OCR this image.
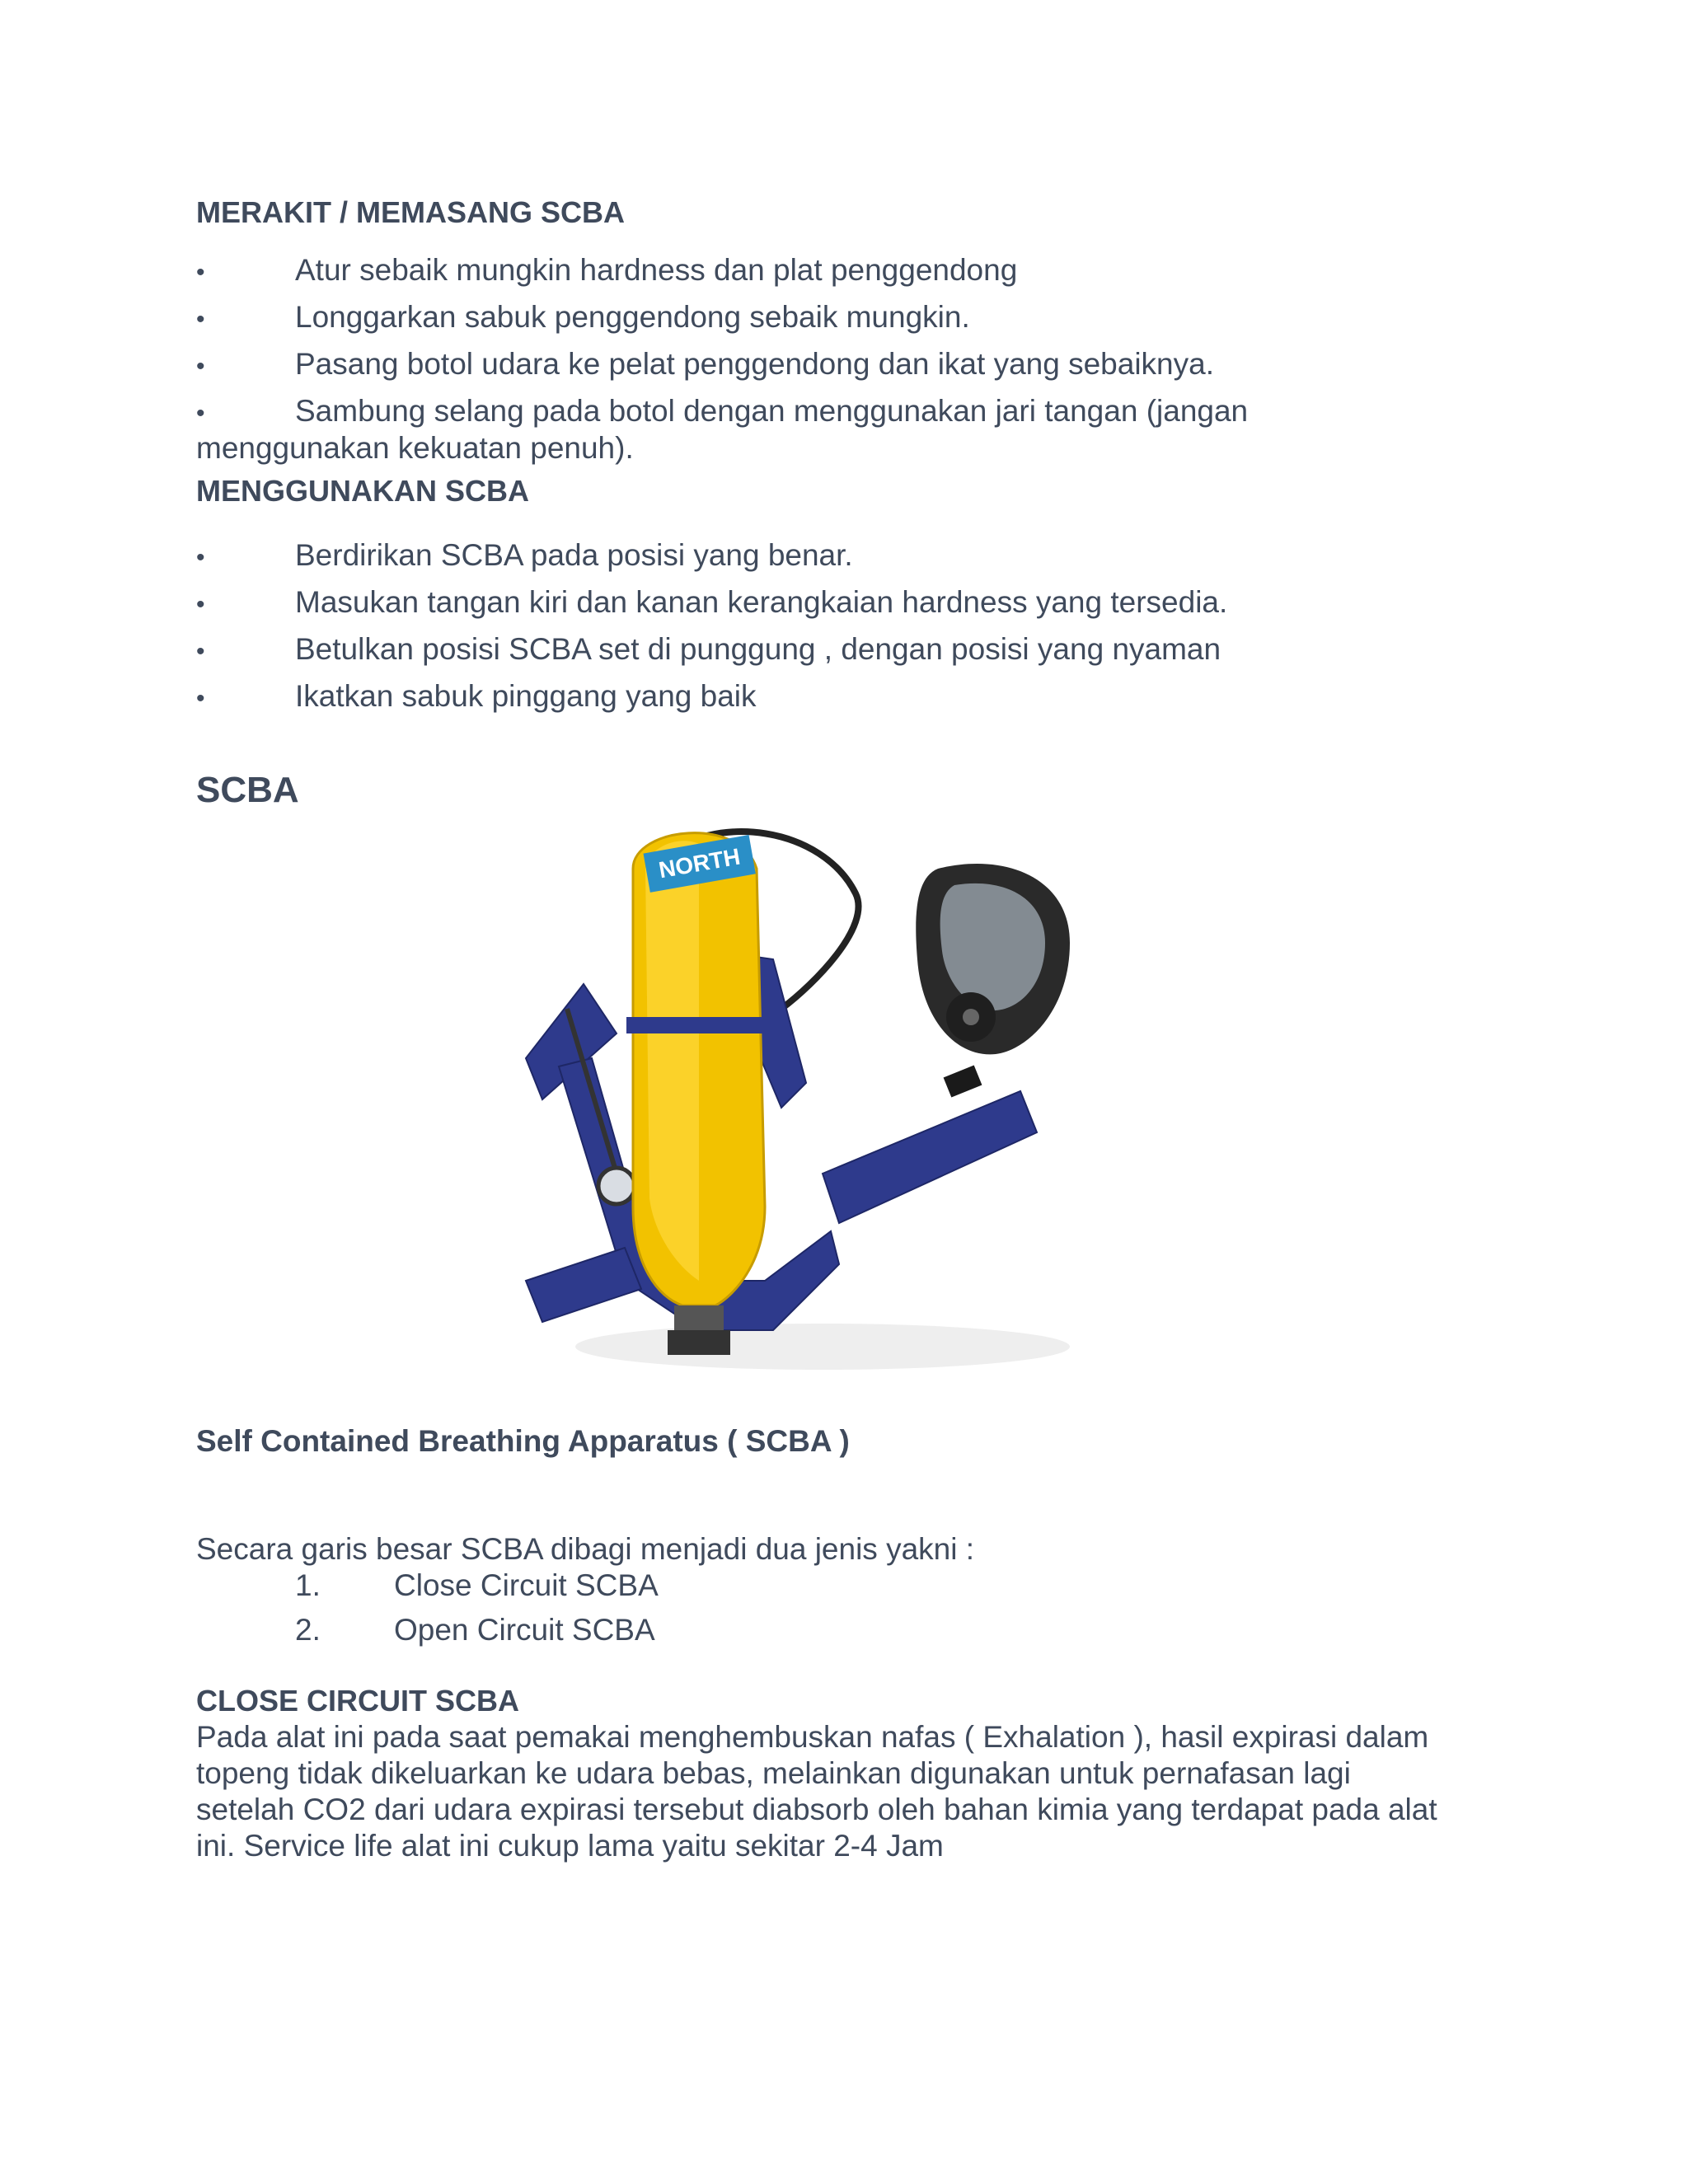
MERAKIT / MEMASANG SCBA
•	Atur sebaik mungkin hardness dan plat penggendong
•	Longgarkan sabuk penggendong sebaik mungkin.
•	Pasang botol udara ke pelat penggendong dan ikat yang sebaiknya.
•	Sambung selang pada botol dengan menggunakan jari tangan (jangan
menggunakan kekuatan penuh).
MENGGUNAKAN SCBA
•	Berdirikan SCBA pada posisi yang benar.
•	Masukan tangan kiri dan kanan kerangkaian hardness yang tersedia.
•	Betulkan posisi SCBA set di punggung , dengan posisi yang nyaman
•	Ikatkan sabuk pinggang yang baik
SCBA
NORTH
Self Contained Breathing Apparatus ( SCBA )

Secara garis besar SCBA dibagi menjadi dua jenis yakni :

1. Close Circuit SCBA
2. Open Circuit SCBA
CLOSE CIRCUIT SCBA

Pada alat ini pada saat pemakai menghembuskan nafas ( Exhalation ), hasil expirasi dalam
topeng tidak dikeluarkan ke udara bebas, melainkan digunakan untuk pernafasan lagi
setelah CO2 dari udara expirasi tersebut diabsorb oleh bahan kimia yang terdapat pada alat
ini. Service life alat ini cukup lama yaitu sekitar 2-4 Jam
